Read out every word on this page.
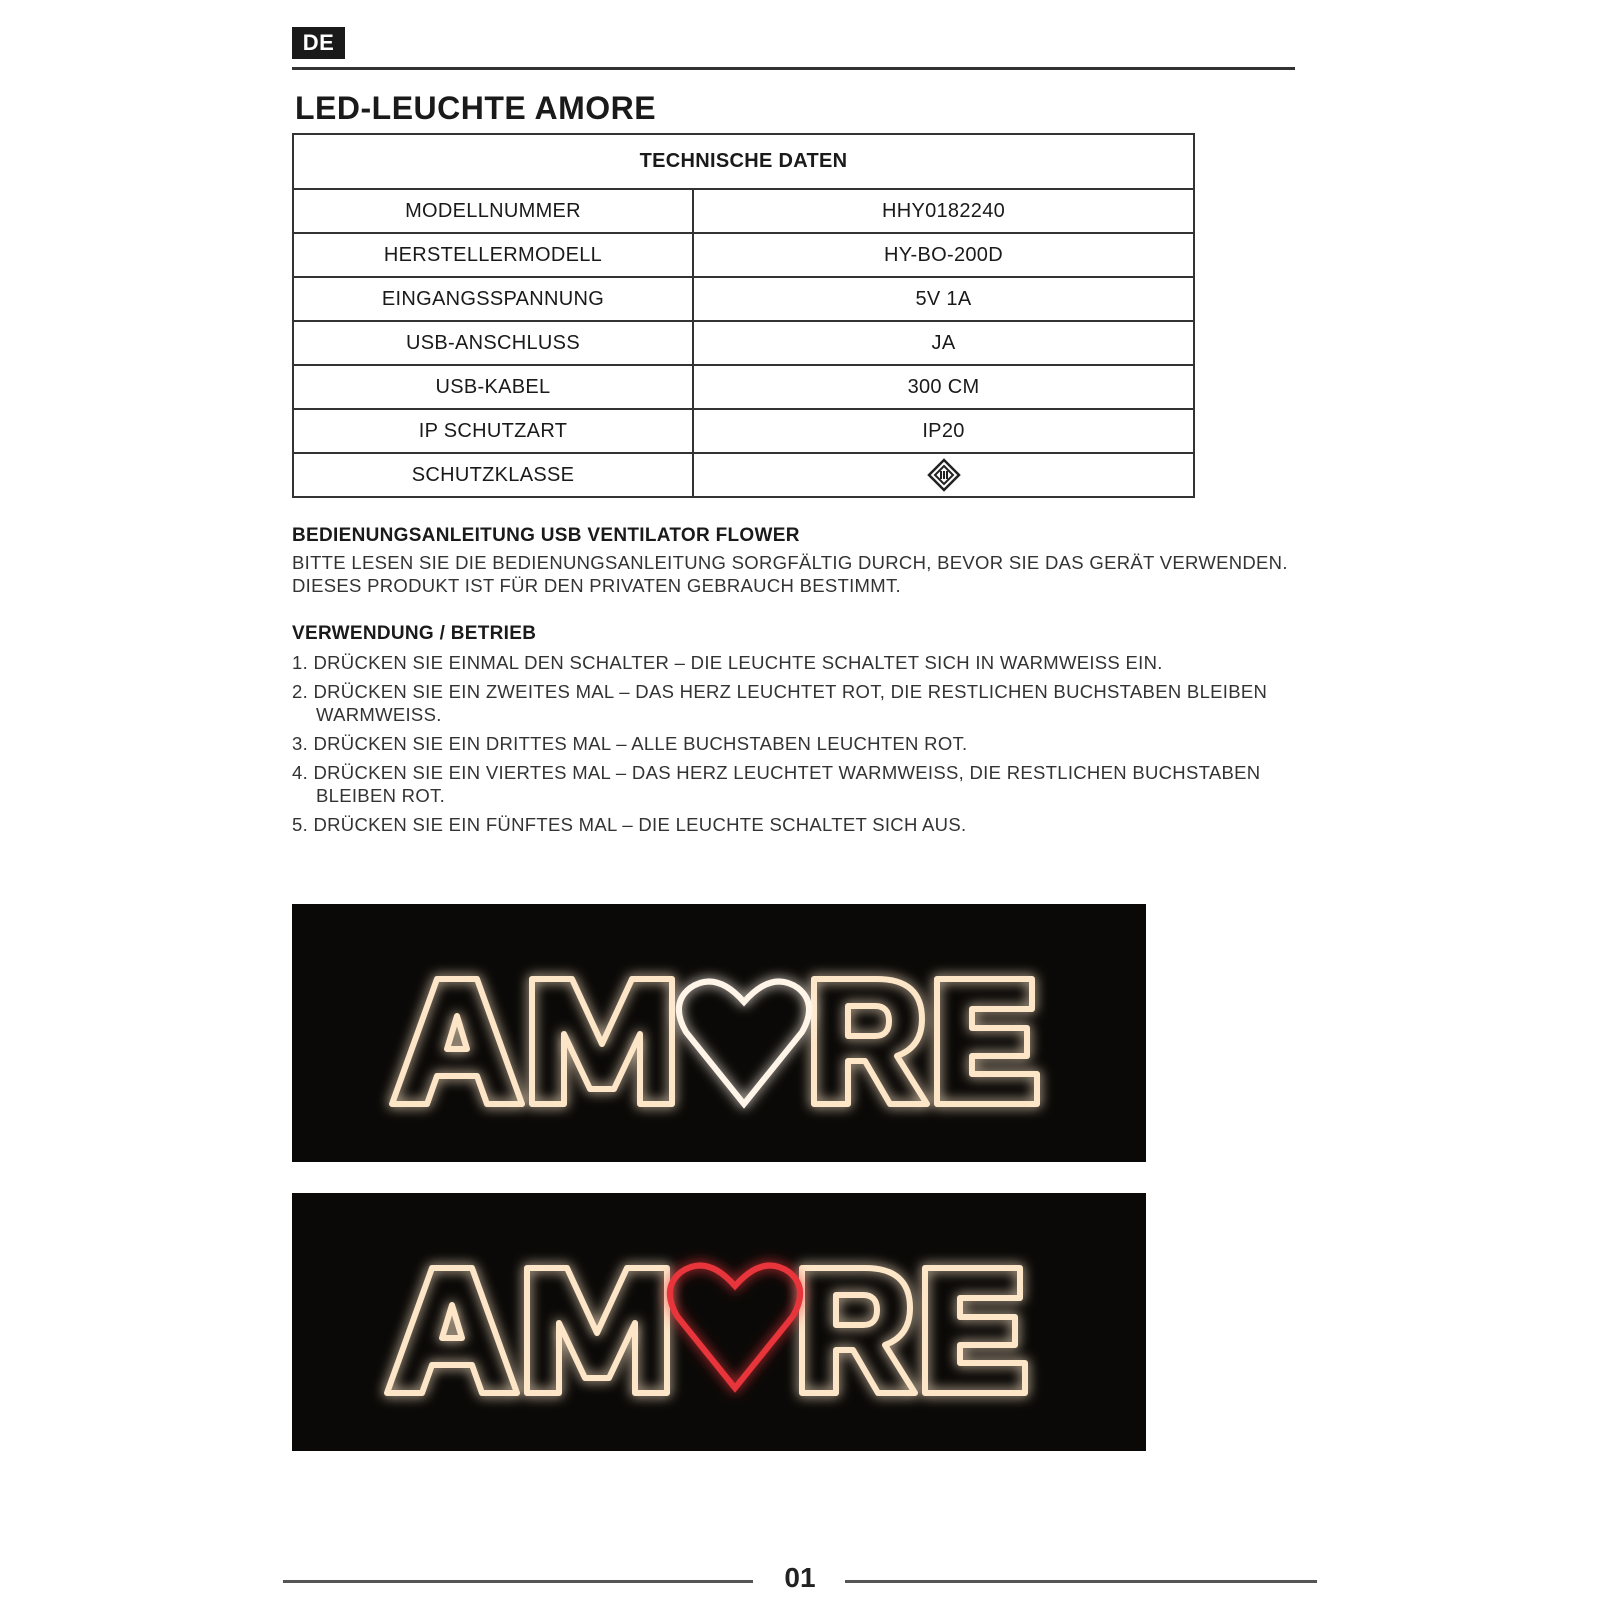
DE
LED-LEUCHTE AMORE
TECHNISCHE DATEN	
MODELLNUMMER	HHY0182240
HERSTELLERMODELL	HY-BO-200D
EINGANGSSPANNUNG	5V 1A
USB-ANSCHLUSS	JA
USB-KABEL	300 CM
IP SCHUTZART	IP20
SCHUTZKLASSE	
BEDIENUNGSANLEITUNG USB VENTILATOR FLOWER

BITTE LESEN SIE DIE BEDIENUNGSANLEITUNG SORGFÄLTIG DURCH, BEVOR SIE DAS GERÄT VERWENDEN. DIESES PRODUKT IST FÜR DEN PRIVATEN GEBRAUCH BESTIMMT.

VERWENDUNG / BETRIEB
1. DRÜCKEN SIE EINMAL DEN SCHALTER – DIE LEUCHTE SCHALTET SICH IN WARMWEISS EIN.
2. DRÜCKEN SIE EIN ZWEITES MAL – DAS HERZ LEUCHTET ROT, DIE RESTLICHEN BUCHSTABEN BLEIBEN WARMWEISS.
3. DRÜCKEN SIE EIN DRITTES MAL – ALLE BUCHSTABEN LEUCHTEN ROT.
4. DRÜCKEN SIE EIN VIERTES MAL – DAS HERZ LEUCHTET WARMWEISS, DIE RESTLICHEN BUCHSTABEN BLEIBEN ROT.
5. DRÜCKEN SIE EIN FÜNFTES MAL – DIE LEUCHTE SCHALTET SICH AUS.
01
